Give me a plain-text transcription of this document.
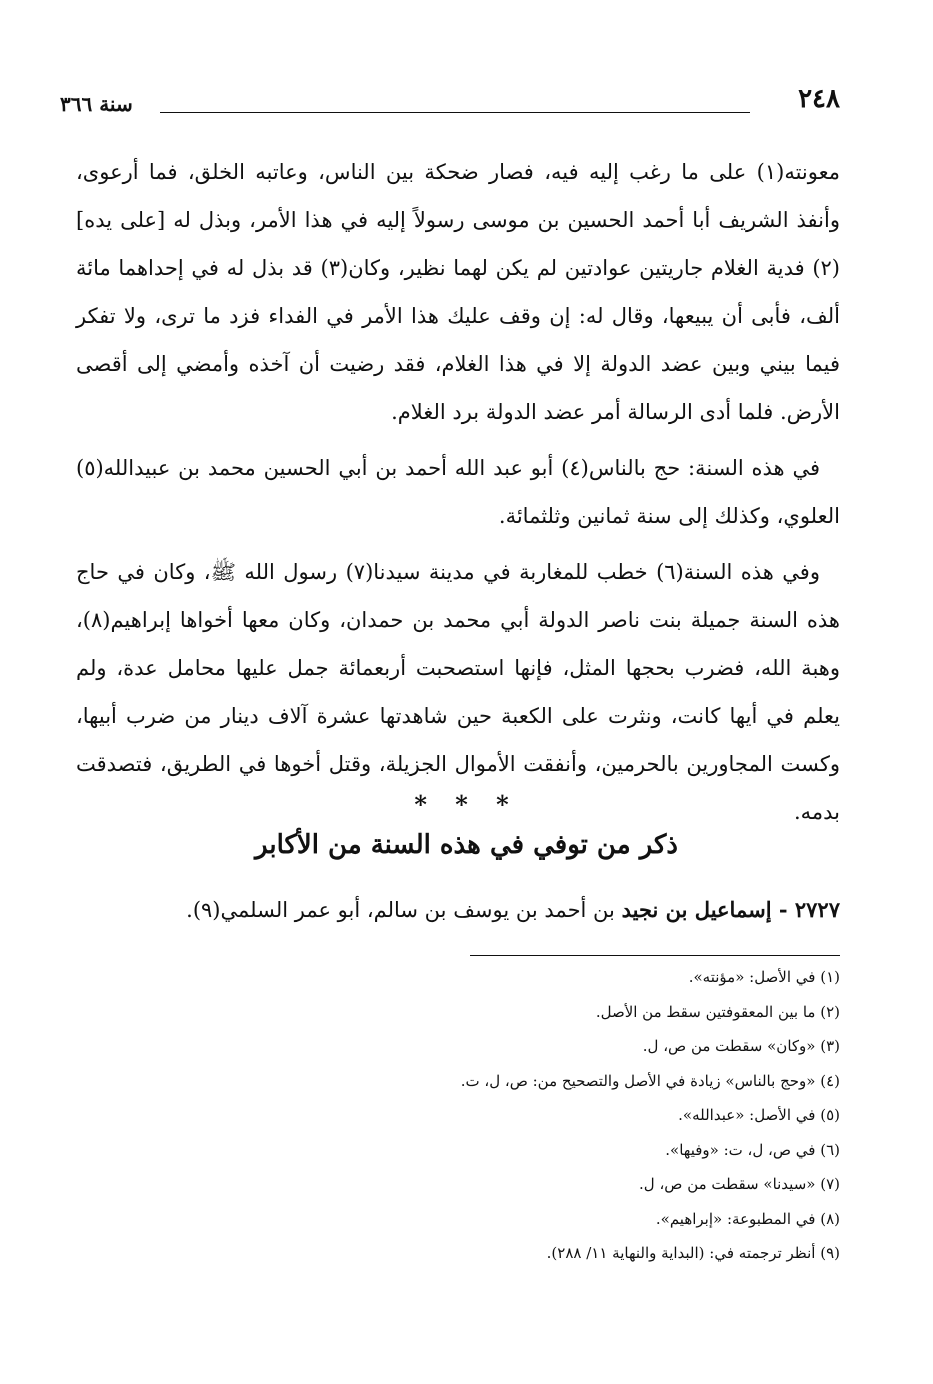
٢٤٨
سنة ٣٦٦

معونته(١) على ما رغب إليه فيه، فصار ضحكة بين الناس، وعاتبه الخلق، فما أرعوى، وأنفذ الشريف أبا أحمد الحسين بن موسى رسولاً إليه في هذا الأمر، وبذل له [على يده](٢) فدية الغلام جاريتين عوادتين لم يكن لهما نظير، وكان(٣) قد بذل له في إحداهما مائة ألف، فأبى أن يبيعها، وقال له: إن وقف عليك هذا الأمر في الفداء فزد ما ترى، ولا تفكر فيما بيني وبين عضد الدولة إلا في هذا الغلام، فقد رضيت أن آخذه وأمضي إلى أقصى الأرض. فلما أدى الرسالة أمر عضد الدولة برد الغلام.

في هذه السنة: حج بالناس(٤) أبو عبد الله أحمد بن أبي الحسين محمد بن عبيدالله(٥) العلوي، وكذلك إلى سنة ثمانين وثلثمائة.

وفي هذه السنة(٦) خطب للمغاربة في مدينة سيدنا(٧) رسول الله ﷺ، وكان في حاج هذه السنة جميلة بنت ناصر الدولة أبي محمد بن حمدان، وكان معها أخواها إبراهيم(٨)، وهبة الله، فضرب بحجها المثل، فإنها استصحبت أربعمائة جمل عليها محامل عدة، ولم يعلم في أيها كانت، ونثرت على الكعبة حين شاهدتها عشرة آلاف دينار من ضرب أبيها، وكست المجاورين بالحرمين، وأنفقت الأموال الجزيلة، وقتل أخوها في الطريق، فتصدقت بدمه.

* * *
ذكر من توفي في هذه السنة من الأكابر
٢٧٢٧ - إسماعيل بن نجيد بن أحمد بن يوسف بن سالم، أبو عمر السلمي(٩).
(١) في الأصل: «مؤنته».
(٢) ما بين المعقوفتين سقط من الأصل.
(٣) «وكان» سقطت من ص، ل.
(٤) «وحج بالناس» زيادة في الأصل والتصحيح من: ص، ل، ت.
(٥) في الأصل: «عبدالله».
(٦) في ص، ل، ت: «وفيها».
(٧) «سيدنا» سقطت من ص، ل.
(٨) في المطبوعة: «إبراهيم».
(٩) أنظر ترجمته في: (البداية والنهاية ١١/ ٢٨٨).
